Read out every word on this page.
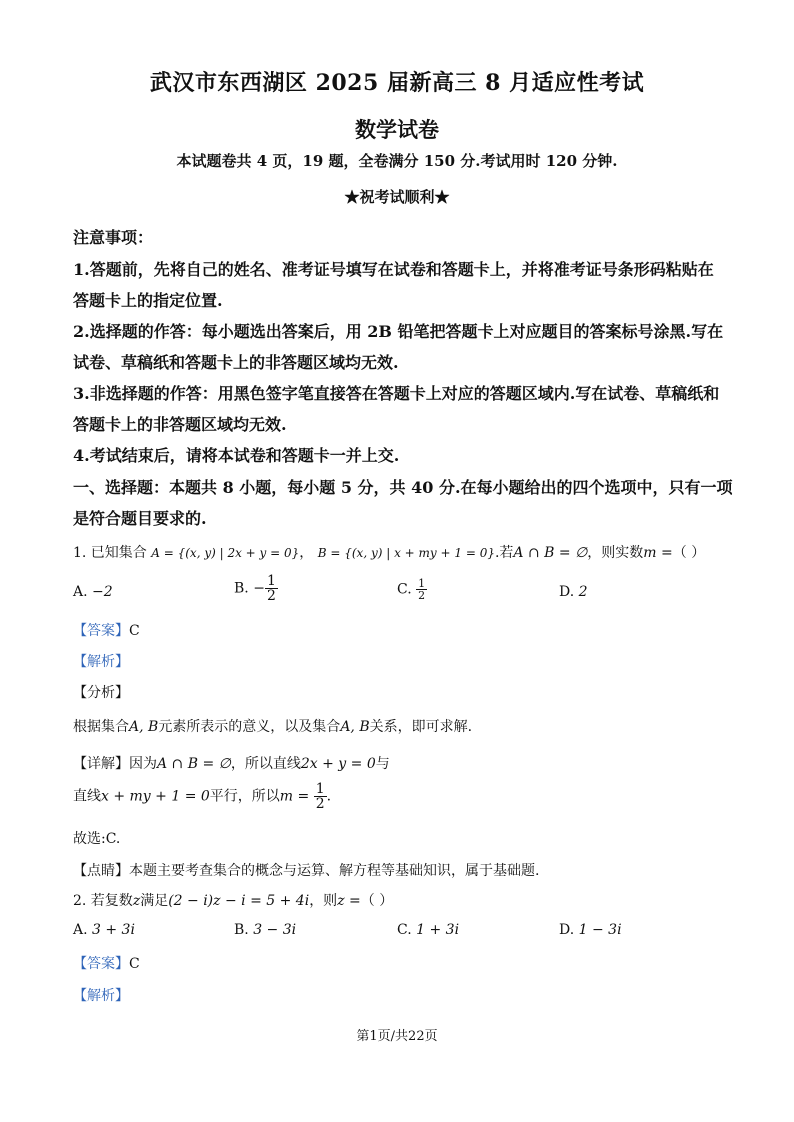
武汉市东西湖区 2025 届新高三 8 月适应性考试
数学试卷
本试题卷共 4 页，19 题，全卷满分 150 分.考试用时 120 分钟.
★祝考试顺利★
注意事项：
1.答题前，先将自己的姓名、准考证号填写在试卷和答题卡上，并将准考证号条形码粘贴在
答题卡上的指定位置.
2.选择题的作答：每小题选出答案后，用 2B 铅笔把答题卡上对应题目的答案标号涂黑.写在
试卷、草稿纸和答题卡上的非答题区域均无效.
3.非选择题的作答：用黑色签字笔直接答在答题卡上对应的答题区域内.写在试卷、草稿纸和
答题卡上的非答题区域均无效.
4.考试结束后，请将本试卷和答题卡一并上交.
一、选择题：本题共 8 小题，每小题 5 分，共 40 分.在每小题给出的四个选项中，只有一项
是符合题目要求的.
1. 已知集合 A = {(x, y) | 2x + y = 0}， B = {(x, y) | x + my + 1 = 0}.若A ∩ B = ∅，则实数m =（ ）
A. −2	B. − $\frac{1}{2}$	C. $\frac{1}{2}$	D. 2
【答案】C
【解析】
【分析】
根据集合A, B元素所表示的意义，以及集合A, B关系，即可求解.
【详解】因为A ∩ B = ∅，所以直线2x + y = 0与
直线x + my + 1 = 0平行，所以$m = \frac{1}{2}$ .
故选:C.
【点睛】本题主要考查集合的概念与运算、解方程等基础知识，属于基础题.
2. 若复数z满足(2 − i)z − i = 5 + 4i，则z =（ ）
A. 3 + 3i	B. 3 − 3i	C. 1 + 3i	D. 1 − 3i
【答案】C
【解析】
第1页/共22页
